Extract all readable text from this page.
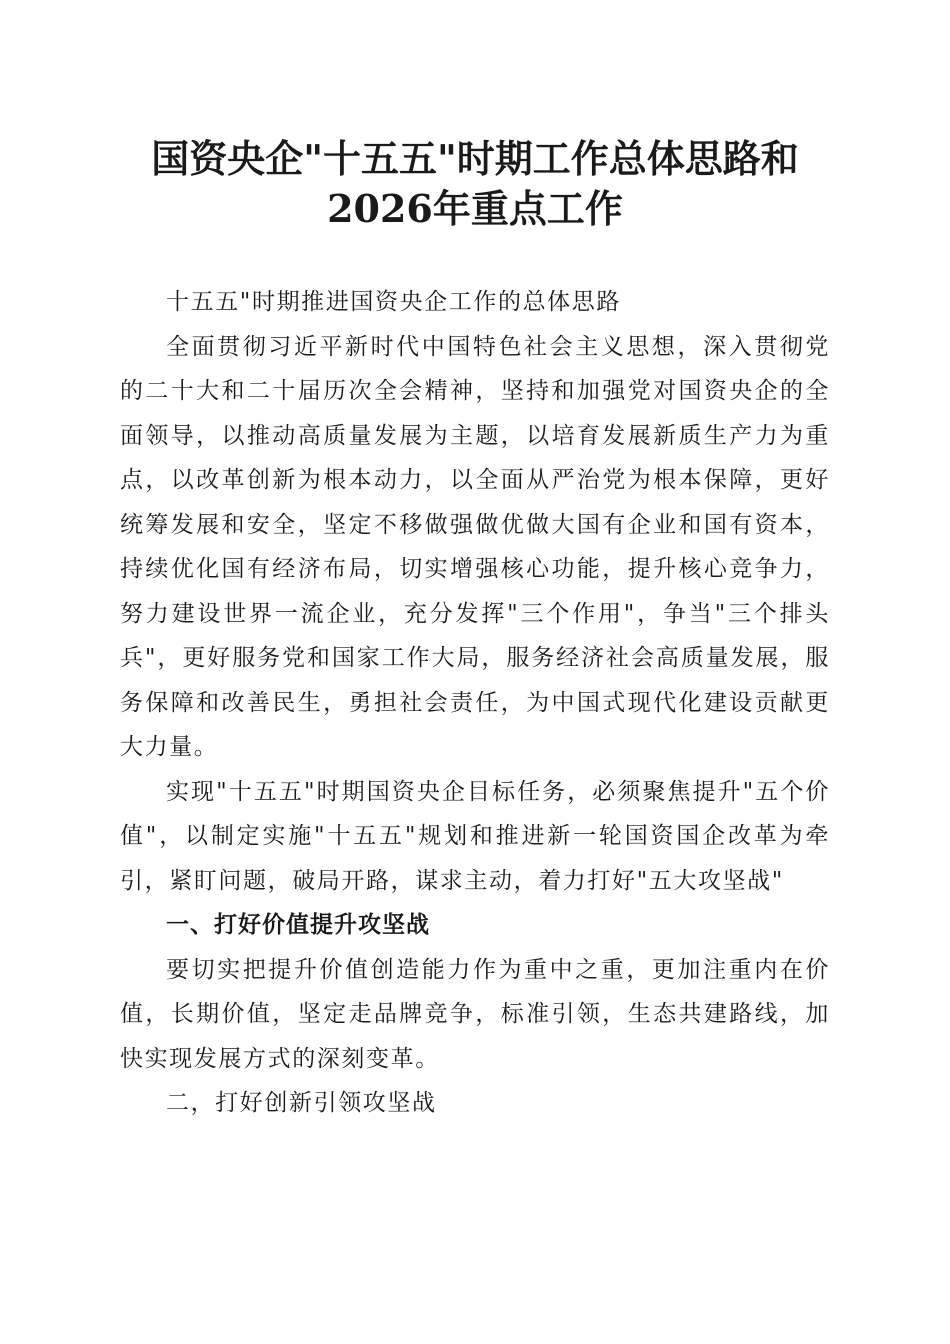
国资央企"十五五"时期工作总体思路和2026年重点工作

十五五"时期推进国资央企工作的总体思路

全面贯彻习近平新时代中国特色社会主义思想，深入贯彻党的二十大和二十届历次全会精神，坚持和加强党对国资央企的全面领导，以推动高质量发展为主题，以培育发展新质生产力为重点，以改革创新为根本动力，以全面从严治党为根本保障，更好统筹发展和安全，坚定不移做强做优做大国有企业和国有资本，持续优化国有经济布局，切实增强核心功能，提升核心竞争力，努力建设世界一流企业，充分发挥"三个作用"，争当"三个排头兵"，更好服务党和国家工作大局，服务经济社会高质量发展，服务保障和改善民生，勇担社会责任，为中国式现代化建设贡献更大力量。

实现"十五五"时期国资央企目标任务，必须聚焦提升"五个价值"，以制定实施"十五五"规划和推进新一轮国资国企改革为牵引，紧盯问题，破局开路，谋求主动，着力打好"五大攻坚战"

一、打好价值提升攻坚战

要切实把提升价值创造能力作为重中之重，更加注重内在价值，长期价值，坚定走品牌竞争，标准引领，生态共建路线，加快实现发展方式的深刻变革。

二，打好创新引领攻坚战
